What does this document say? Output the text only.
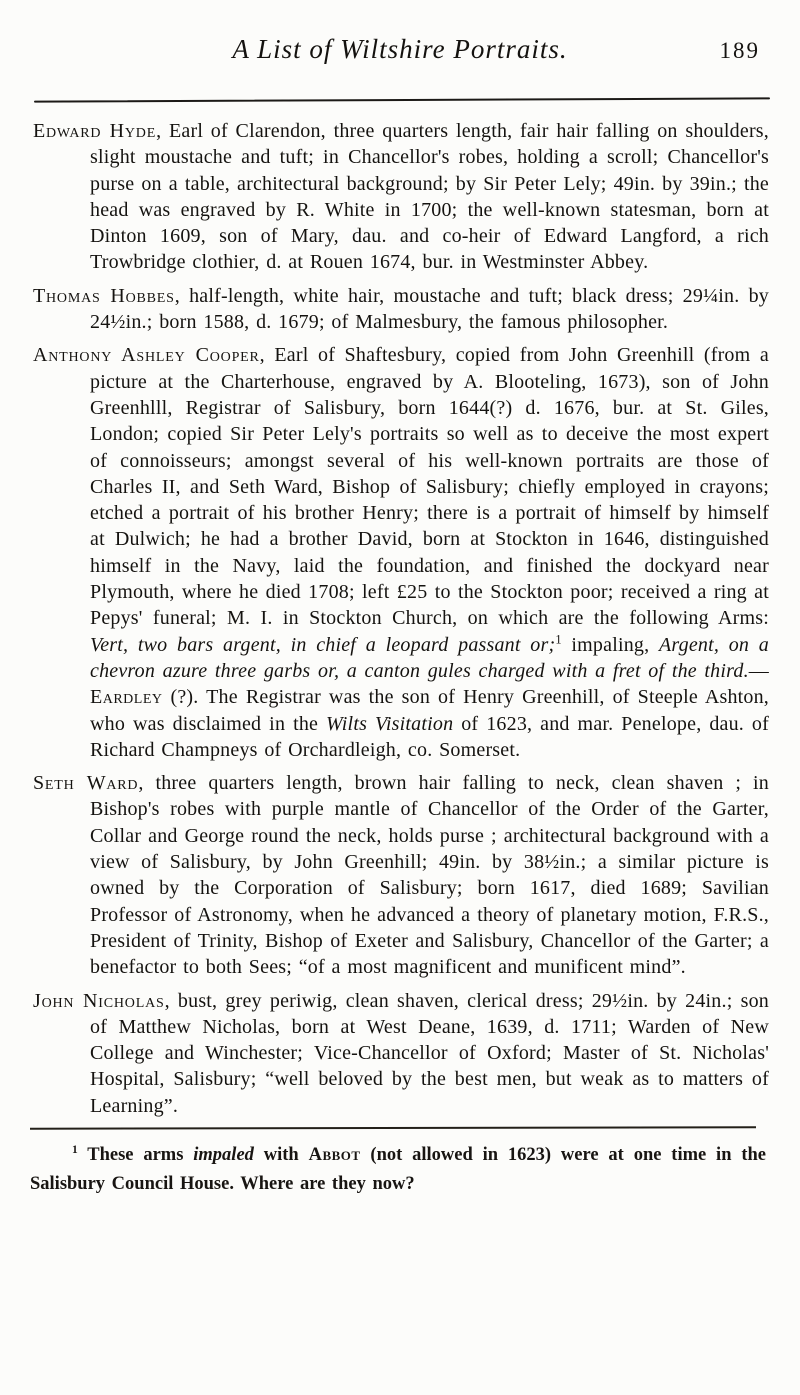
A List of Wiltshire Portraits.	189

Edward Hyde, Earl of Clarendon, three quarters length, fair hair falling on shoulders, slight moustache and tuft; in Chancellor's robes, holding a scroll; Chancellor's purse on a table, architectural background; by Sir Peter Lely; 49in. by 39in.; the head was engraved by R. White in 1700; the well-known statesman, born at Dinton 1609, son of Mary, dau. and co-heir of Edward Langford, a rich Trowbridge clothier, d. at Rouen 1674, bur. in Westminster Abbey.

Thomas Hobbes, half-length, white hair, moustache and tuft; black dress; 29¼in. by 24½in.; born 1588, d. 1679; of Malmesbury, the famous philosopher.

Anthony Ashley Cooper, Earl of Shaftesbury, copied from John Greenhill (from a picture at the Charterhouse, engraved by A. Blooteling, 1673), son of John Greenhlll, Registrar of Salisbury, born 1644(?) d. 1676, bur. at St. Giles, London; copied Sir Peter Lely's portraits so well as to deceive the most expert of connoisseurs; amongst several of his well-known portraits are those of Charles II, and Seth Ward, Bishop of Salisbury; chiefly employed in crayons; etched a portrait of his brother Henry; there is a portrait of himself by himself at Dulwich; he had a brother David, born at Stockton in 1646, distinguished himself in the Navy, laid the foundation, and finished the dockyard near Plymouth, where he died 1708; left £25 to the Stockton poor; received a ring at Pepys' funeral; M. I. in Stockton Church, on which are the following Arms: Vert, two bars argent, in chief a leopard passant or;$^1$ impaling, Argent, on a chevron azure three garbs or, a canton gules charged with a fret of the third.—Eardley (?). The Registrar was the son of Henry Greenhill, of Steeple Ashton, who was disclaimed in the Wilts Visitation of 1623, and mar. Penelope, dau. of Richard Champneys of Orchardleigh, co. Somerset.

Seth Ward, three quarters length, brown hair falling to neck, clean shaven ; in Bishop's robes with purple mantle of Chancellor of the Order of the Garter, Collar and George round the neck, holds purse ; architectural background with a view of Salisbury, by John Greenhill; 49in. by 38½in.; a similar picture is owned by the Corporation of Salisbury; born 1617, died 1689; Savilian Professor of Astronomy, when he advanced a theory of planetary motion, F.R.S., President of Trinity, Bishop of Exeter and Salisbury, Chancellor of the Garter; a benefactor to both Sees; “of a most magnificent and munificent mind”.

John Nicholas, bust, grey periwig, clean shaven, clerical dress; 29½in. by 24in.; son of Matthew Nicholas, born at West Deane, 1639, d. 1711; Warden of New College and Winchester; Vice-Chancellor of Oxford; Master of St. Nicholas' Hospital, Salisbury; “well beloved by the best men, but weak as to matters of Learning”.

$^1$ These arms impaled with Abbot (not allowed in 1623) were at one time in the Salisbury Council House. Where are they now?
